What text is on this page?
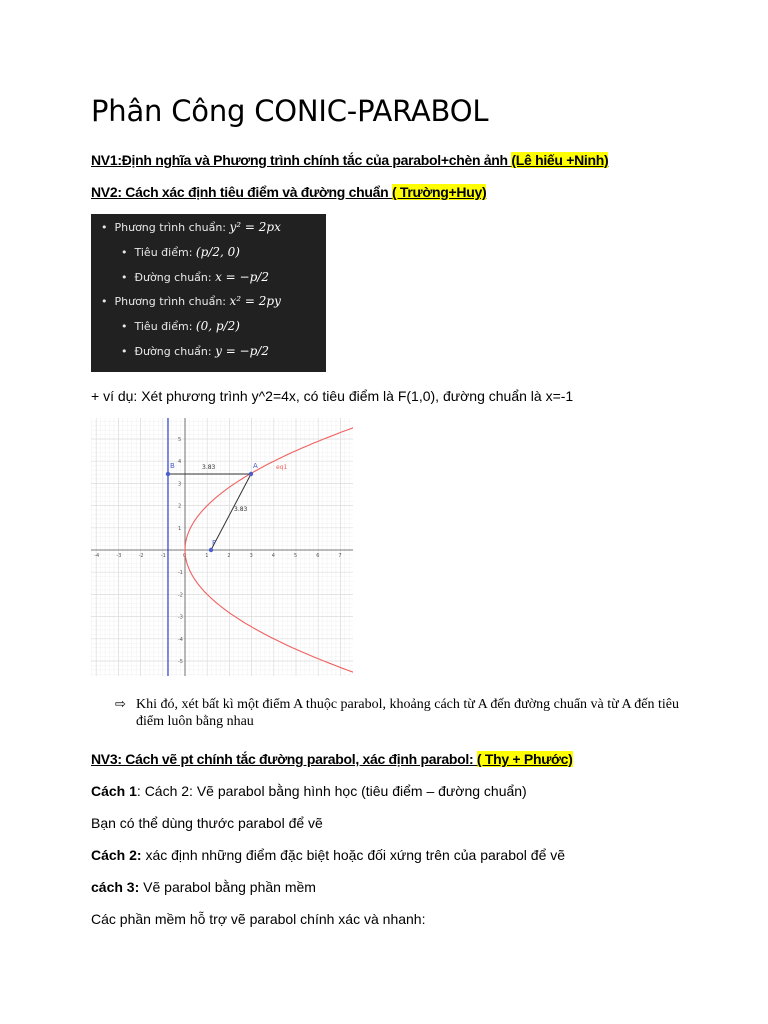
Phân Công CONIC-PARABOL
NV1:Định nghĩa và Phương trình chính tắc của parabol+chèn ảnh (Lê hiếu +Ninh)
NV2: Cách xác định tiêu điểm và đường chuẩn ( Trường+Huy)
• Phương trình chuẩn: y² = 2px
• Tiêu điểm: (p/2, 0)
• Đường chuẩn: x = −p/2
• Phương trình chuẩn: x² = 2py
• Tiêu điểm: (0, p/2)
• Đường chuẩn: y = −p/2
+ ví dụ: Xét phương trình y^2=4x, có tiêu điểm là F(1,0), đường chuẩn là x=-1
-4	-3	-2	-1	0	1	2	3	4	5	6	7
5
4
3
2
1
-1
-2
-3
-4
-5
B	A
F
eq1
3.83
3.83
⇨ Khi đó, xét bất kì một điểm A thuộc parabol, khoảng cách từ A đến đường chuẩn và từ A đến tiêu điểm luôn bằng nhau
NV3: Cách vẽ pt chính tắc đường parabol, xác định parabol: ( Thy + Phước)
Cách 1: Cách 2: Vẽ parabol bằng hình học (tiêu điểm – đường chuẩn)
Bạn có thể dùng thước parabol để vẽ
Cách 2: xác định những điểm đặc biệt hoặc đối xứng trên của parabol để vẽ
cách 3: Vẽ parabol bằng phần mềm
Các phần mềm hỗ trợ vẽ parabol chính xác và nhanh:
